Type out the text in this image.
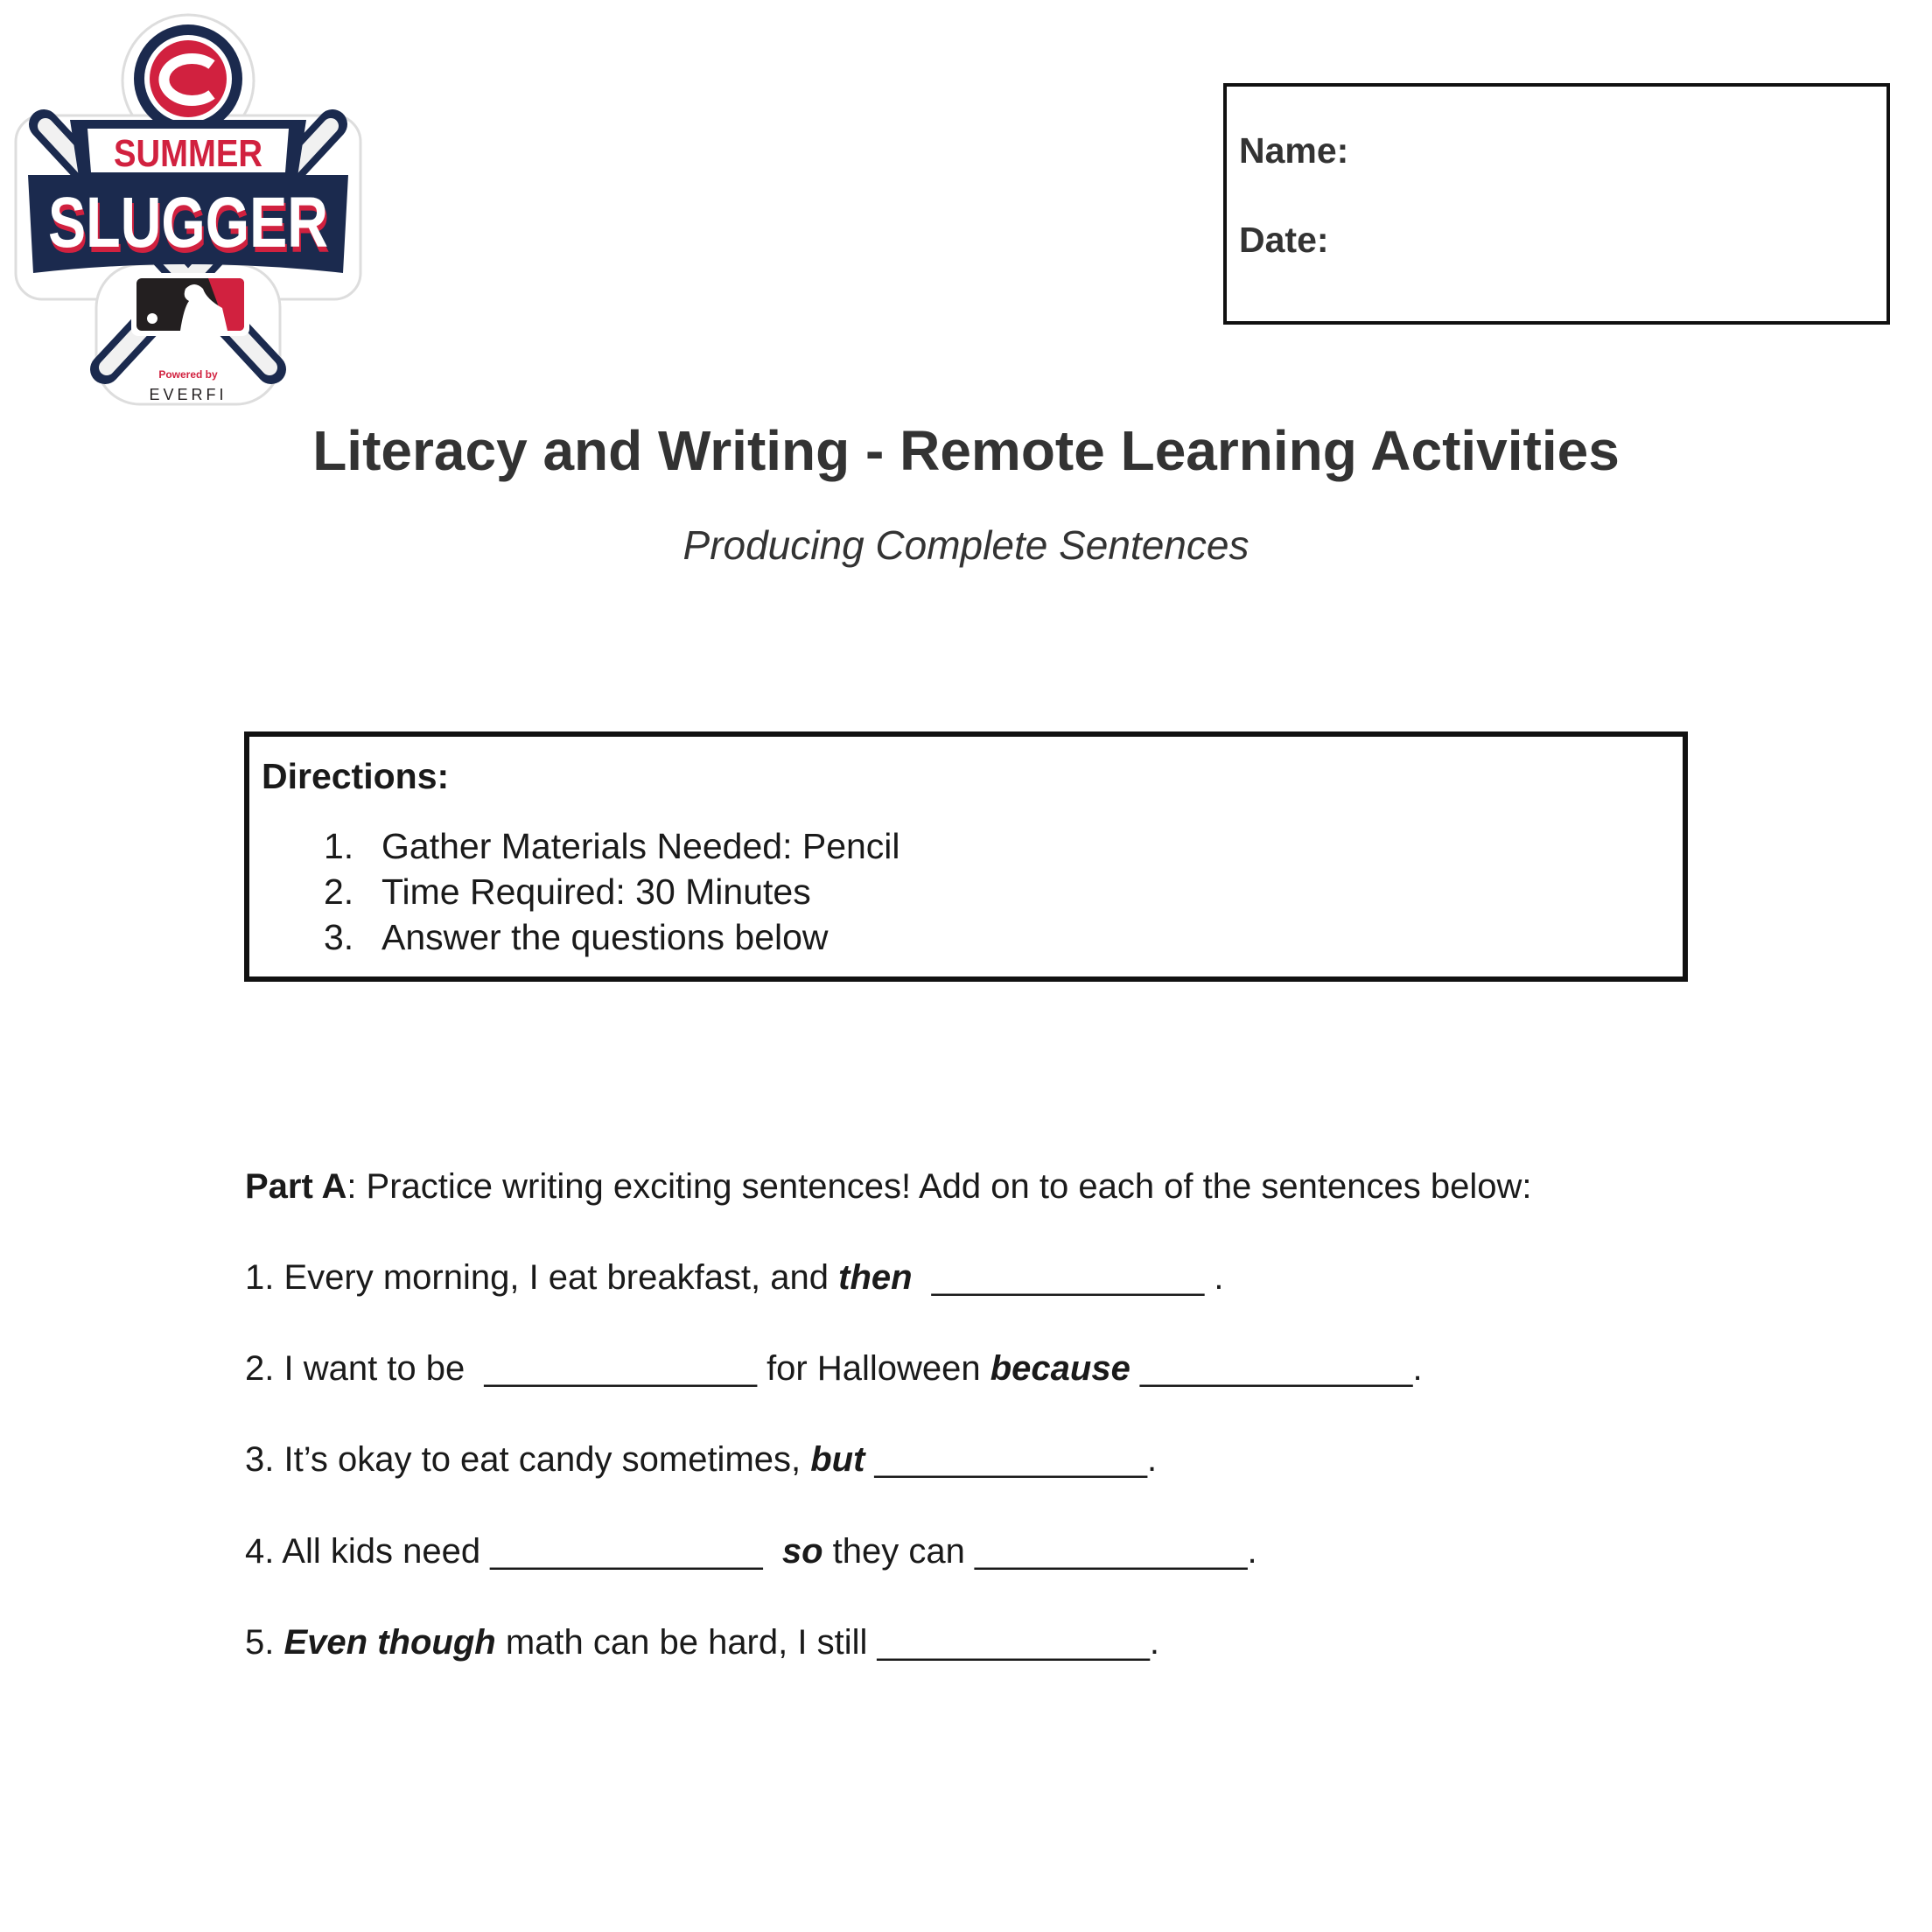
SUMMER
SLUGGER
Powered by
EVERFI
Name:
Date:
Literacy and Writing - Remote Learning Activities
Producing Complete Sentences
Directions:
1. Gather Materials Needed: Pencil
2. Time Required: 30 Minutes
3. Answer the questions below
Part A: Practice writing exciting sentences! Add on to each of the sentences below:
1. Every morning, I eat breakfast, and then ______________ .
2. I want to be  ______________ for Halloween because ______________.
3. It’s okay to eat candy sometimes, but ______________.
4. All kids need ______________ so they can ______________.
5. Even though math can be hard, I still ______________.
